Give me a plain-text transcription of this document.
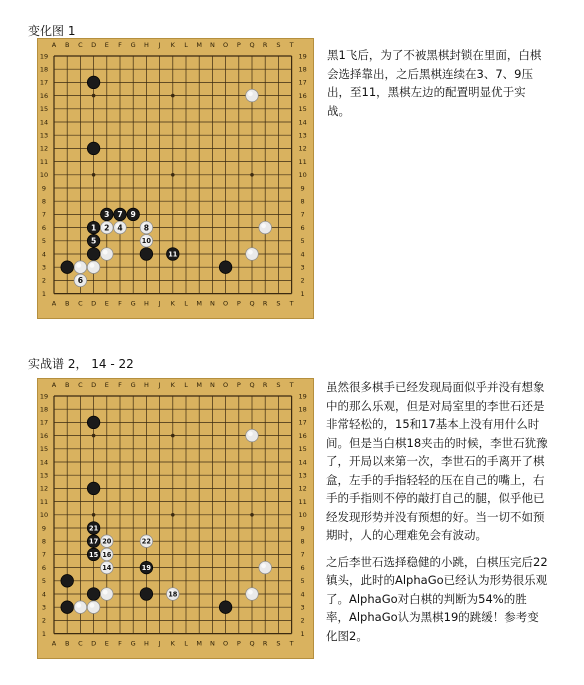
变化图 1
A
A
B
B
C
C
D
D
E
E
F
F
G
G
H
H
J
J
K
K
L
L
M
M
N
N
O
O
P
P
Q
Q
R
R
S
S
T
T
19	19
18	18
17	17
16	16
15	15
14	14
13	13
12	12
11	11
10	10
9	9
8	8
7	7
6	6
5	5
4	4
3	3
2	2
1	1
11
6
1 2
3
4
5
7 9
8
10

黑1飞后，为了不被黑棋封锁在里面，白棋会选择靠出，之后黑棋连续在3、7、9压出，至11，黑棋左边的配置明显优于实战。

实战谱 2， 14 - 22
A
A
B
B
C
C
D
D
E
E
F
F
G
G
H
H
J
J
K
K
L
L
M
M
N
N
O
O
P
P
Q
Q
R
R
S
S
T
T
19	19
18	18
17	17
16	16
15	15
14	14
13	13
12	12
11	11
10	10
9	9
8	8
7	7
6	6
5	5
4	4
3	3
2	2
1	1
18
21
17 20
15 16
14
22
19

虽然很多棋手已经发现局面似乎并没有想象中的那么乐观，但是对局室里的李世石还是非常轻松的，15和17基本上没有用什么时间。但是当白棋18夹击的时候，李世石犹豫了，开局以来第一次，李世石的手离开了棋盒，左手的手指轻轻的压在自己的嘴上，右手的手指则不停的敲打自己的腿，似乎他已经发现形势并没有预想的好。当一切不如预期时，人的心理难免会有波动。

之后李世石选择稳健的小跳，白棋压完后22镇头，此时的AlphaGo已经认为形势很乐观了。AlphaGo对白棋的判断为54%的胜率，AlphaGo认为黑棋19的跳缓！参考变化图2。
